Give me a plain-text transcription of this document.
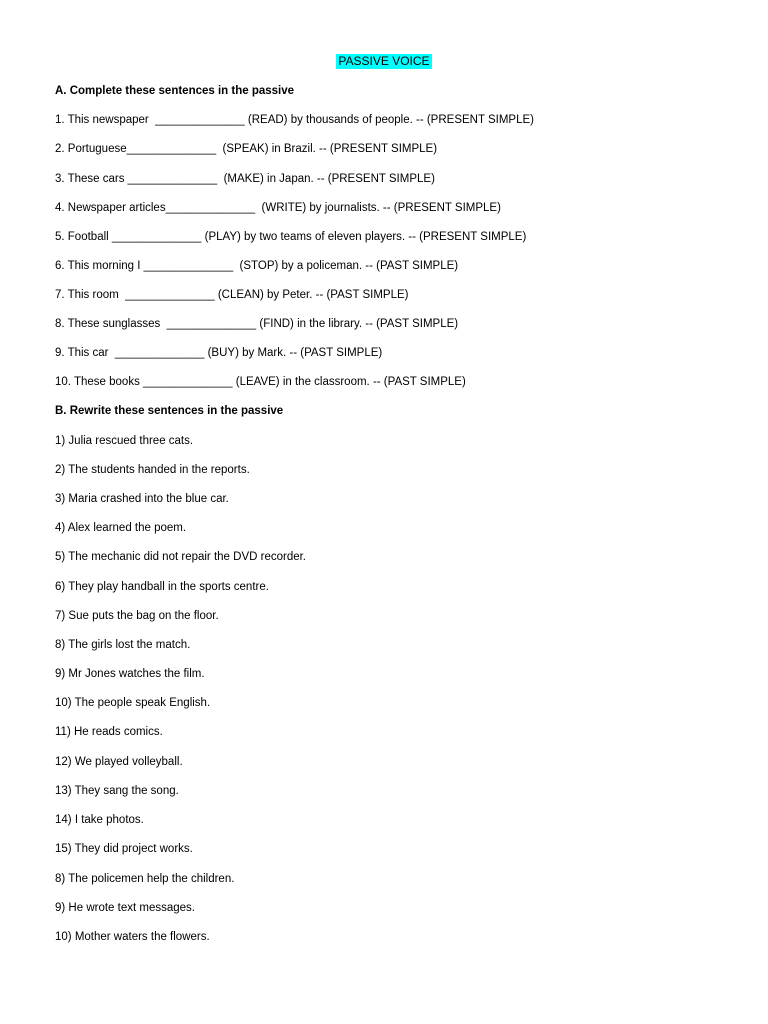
PASSIVE VOICE
A. Complete these sentences in the passive
1. This newspaper  ______________ (READ) by thousands of people. -- (PRESENT SIMPLE)
2. Portuguese______________  (SPEAK) in Brazil. -- (PRESENT SIMPLE)
3. These cars ______________  (MAKE) in Japan. -- (PRESENT SIMPLE)
4. Newspaper articles______________  (WRITE) by journalists. -- (PRESENT SIMPLE)
5. Football ______________ (PLAY) by two teams of eleven players. -- (PRESENT SIMPLE)
6. This morning I ______________  (STOP) by a policeman. -- (PAST SIMPLE)
7. This room  ______________ (CLEAN) by Peter. -- (PAST SIMPLE)
8. These sunglasses  ______________ (FIND) in the library. -- (PAST SIMPLE)
9. This car  ______________ (BUY) by Mark. -- (PAST SIMPLE)
10. These books ______________ (LEAVE) in the classroom. -- (PAST SIMPLE)
B. Rewrite these sentences in the passive
1) Julia rescued three cats.
2) The students handed in the reports.
3) Maria crashed into the blue car.
4) Alex learned the poem.
5) The mechanic did not repair the DVD recorder.
6) They play handball in the sports centre.
7) Sue puts the bag on the floor.
8) The girls lost the match.
9) Mr Jones watches the film.
10) The people speak English.
11) He reads comics.
12) We played volleyball.
13) They sang the song.
14) I take photos.
15) They did project works.
8) The policemen help the children.
9) He wrote text messages.
10) Mother waters the flowers.
